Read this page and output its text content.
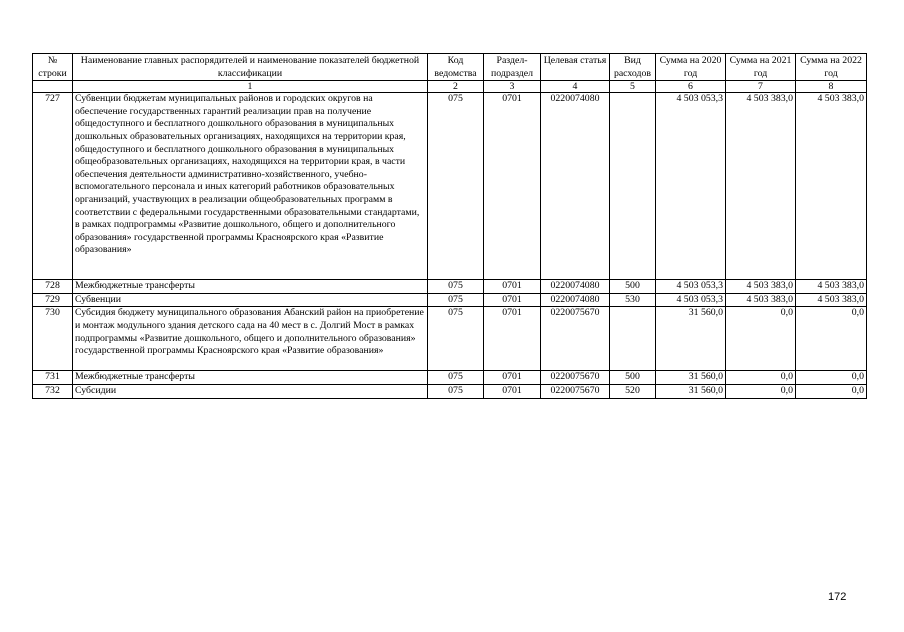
№ строки	Наименование главных распорядителей и наименование показателей бюджетной классификации	Код ведомства	Раздел-подраздел	Целевая статья	Вид расходов	Сумма на 2020 год	Сумма на 2021 год	Сумма на 2022 год
	1	2	3	4	5	6	7	8
727	Субвенции бюджетам муниципальных районов и городских округов на обеспечение государственных гарантий реализации прав на получение общедоступного и бесплатного дошкольного образования в муниципальных дошкольных образовательных организациях, находящихся на территории края, общедоступного и бесплатного дошкольного образования в муниципальных общеобразовательных организациях, находящихся на территории края, в части обеспечения деятельности административно-хозяйственного, учебно-вспомогательного персонала и иных категорий работников образовательных организаций, участвующих в реализации общеобразовательных программ в соответствии с федеральными государственными образовательными стандартами, в рамках подпрограммы «Развитие дошкольного, общего и дополнительного образования» государственной программы Красноярского края «Развитие образования»	075	0701	0220074080		4 503 053,3	4 503 383,0	4 503 383,0
728	Межбюджетные трансферты	075	0701	0220074080	500	4 503 053,3	4 503 383,0	4 503 383,0
729	Субвенции	075	0701	0220074080	530	4 503 053,3	4 503 383,0	4 503 383,0
730	Субсидия бюджету муниципального образования Абанский район на приобретение и монтаж модульного здания детского сада на 40 мест в с. Долгий Мост в рамках подпрограммы «Развитие дошкольного, общего и дополнительного образования» государственной программы Красноярского края «Развитие образования»	075	0701	0220075670		31 560,0	0,0	0,0
731	Межбюджетные трансферты	075	0701	0220075670	500	31 560,0	0,0	0,0
732	Субсидии	075	0701	0220075670	520	31 560,0	0,0	0,0
172
